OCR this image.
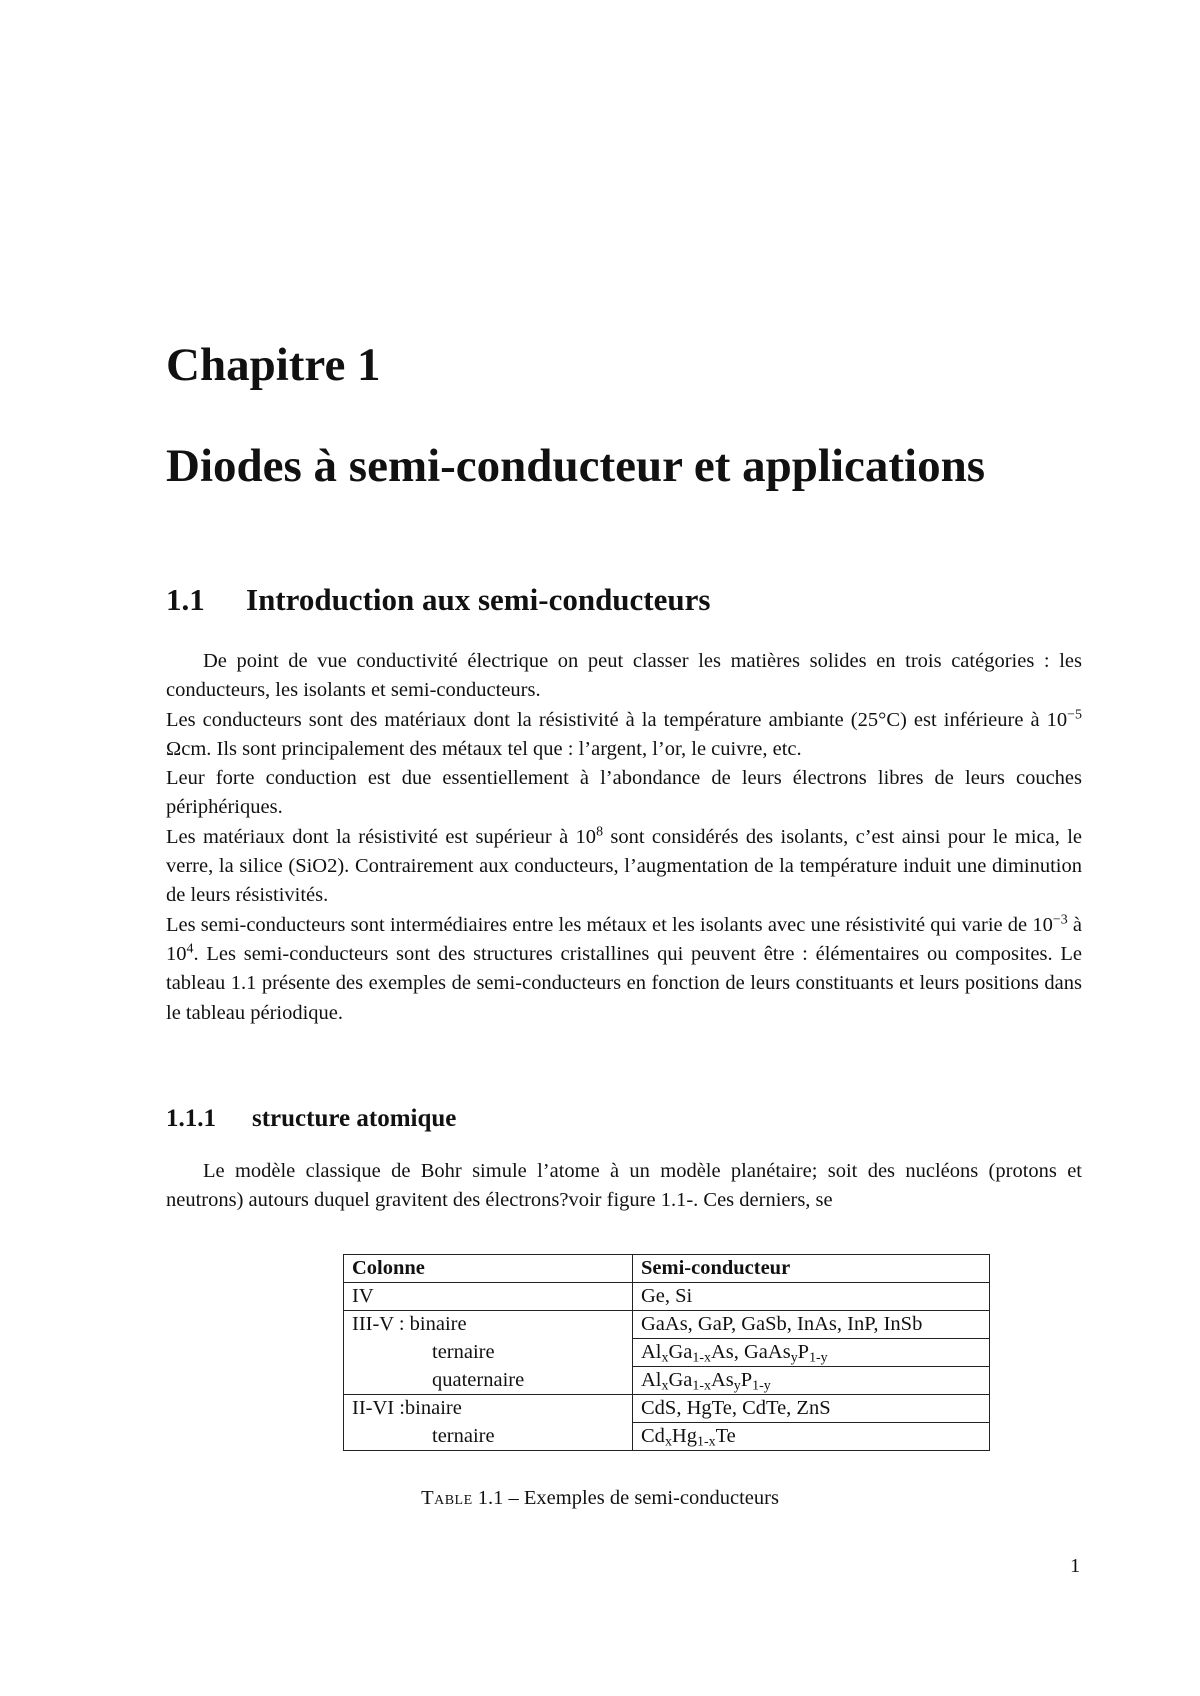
Chapitre 1
Diodes à semi-conducteur et applications
1.1 Introduction aux semi-conducteurs

De point de vue conductivité électrique on peut classer les matières solides en trois catégories : les conducteurs, les isolants et semi-conducteurs.

Les conducteurs sont des matériaux dont la résistivité à la température ambiante (25°C) est inférieure à $10^{-5}$ Ωcm. Ils sont principalement des métaux tel que : l’argent, l’or, le cuivre, etc.

Leur forte conduction est due essentiellement à l’abondance de leurs électrons libres de leurs couches périphériques.

Les matériaux dont la résistivité est supérieur à $10^8$ sont considérés des isolants, c’est ainsi pour le mica, le verre, la silice (SiO2). Contrairement aux conducteurs, l’augmentation de la température induit une diminution de leurs résistivités.

Les semi-conducteurs sont intermédiaires entre les métaux et les isolants avec une résistivité qui varie de $10^{-3}$ à $10^4$. Les semi-conducteurs sont des structures cristallines qui peuvent être : élémentaires ou composites. Le tableau 1.1 présente des exemples de semi-conducteurs en fonction de leurs constituants et leurs positions dans le tableau périodique.

1.1.1 structure atomique

Le modèle classique de Bohr simule l’atome à un modèle planétaire; soit des nucléons (protons et neutrons) autours duquel gravitent des électrons?voir figure 1.1-. Ces derniers, se

Colonne	Semi-conducteur
IV	Ge, Si
III-V : binaire	GaAs, GaP, GaSb, InAs, InP, InSb
ternaire	$Al_xGa_{1-x}As$, $GaAs_yP_{1-y}$
quaternaire	$Al_xGa_{1-x}As_yP_{1-y}$
II-VI :binaire	CdS, HgTe, CdTe, ZnS
ternaire	$Cd_xHg_{1-x}Te$

Table 1.1 – Exemples de semi-conducteurs

1
